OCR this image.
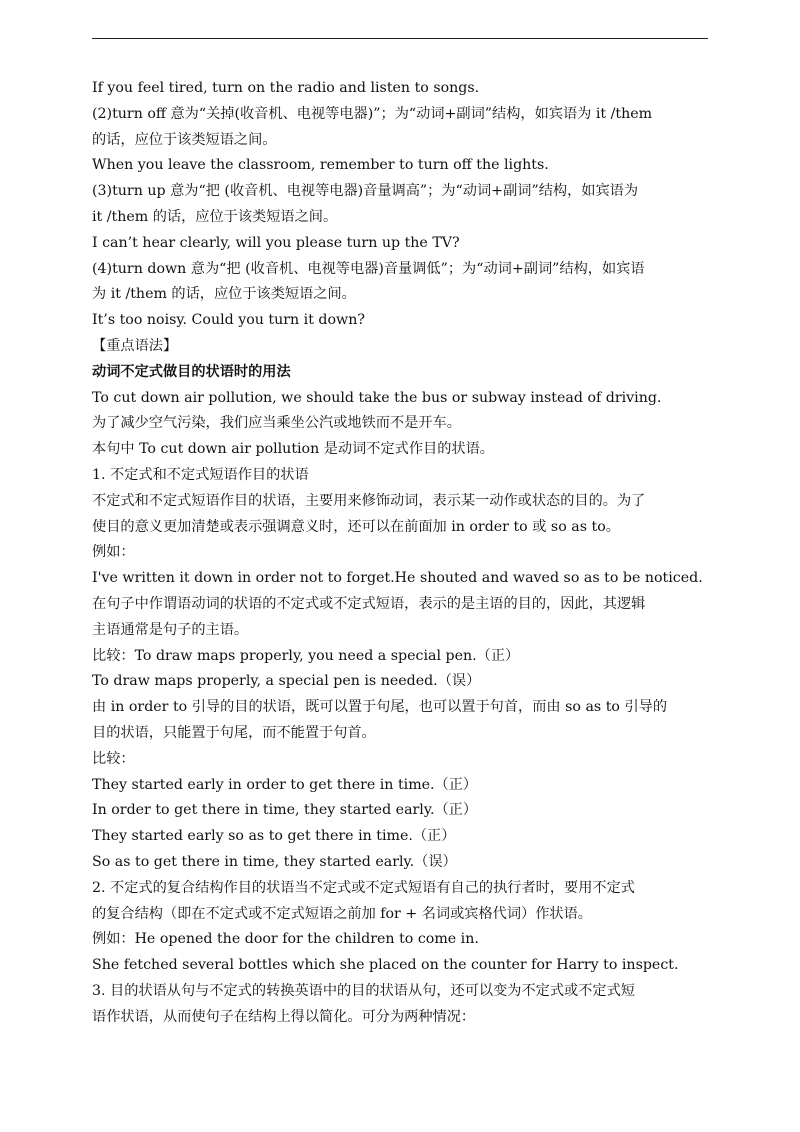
If you feel tired, turn on the radio and listen to songs.
(2)turn off 意为“关掉(收音机、电视等电器)”；为“动词+副词”结构，如宾语为 it /them
的话，应位于该类短语之间。
When you leave the classroom, remember to turn off the lights.
(3)turn up 意为“把 (收音机、电视等电器)音量调高”；为“动词+副词”结构，如宾语为
it /them 的话，应位于该类短语之间。
I can’t hear clearly, will you please turn up the TV?
(4)turn down 意为“把 (收音机、电视等电器)音量调低”；为“动词+副词”结构，如宾语
为 it /them 的话，应位于该类短语之间。
It’s too noisy. Could you turn it down?
【重点语法】
动词不定式做目的状语时的用法
To cut down air pollution, we should take the bus or subway instead of driving.
为了减少空气污染，我们应当乘坐公汽或地铁而不是开车。
本句中 To cut down air pollution 是动词不定式作目的状语。
1. 不定式和不定式短语作目的状语
不定式和不定式短语作目的状语，主要用来修饰动词，表示某一动作或状态的目的。为了
使目的意义更加清楚或表示强调意义时，还可以在前面加 in order to 或 so as to。
例如：
I've written it down in order not to forget.He shouted and waved so as to be noticed.
在句子中作谓语动词的状语的不定式或不定式短语，表示的是主语的目的，因此，其逻辑
主语通常是句子的主语。
比较：To draw maps properly, you need a special pen.（正）
To draw maps properly, a special pen is needed.（误）
由 in order to 引导的目的状语，既可以置于句尾，也可以置于句首，而由 so as to 引导的
目的状语，只能置于句尾，而不能置于句首。
比较：
They started early in order to get there in time.（正）
In order to get there in time, they started early.（正）
They started early so as to get there in time.（正）
So as to get there in time, they started early.（误）
2. 不定式的复合结构作目的状语当不定式或不定式短语有自己的执行者时，要用不定式
的复合结构（即在不定式或不定式短语之前加 for + 名词或宾格代词）作状语。
例如：He opened the door for the children to come in.
She fetched several bottles which she placed on the counter for Harry to inspect.
3. 目的状语从句与不定式的转换英语中的目的状语从句，还可以变为不定式或不定式短
语作状语，从而使句子在结构上得以简化。可分为两种情况：
